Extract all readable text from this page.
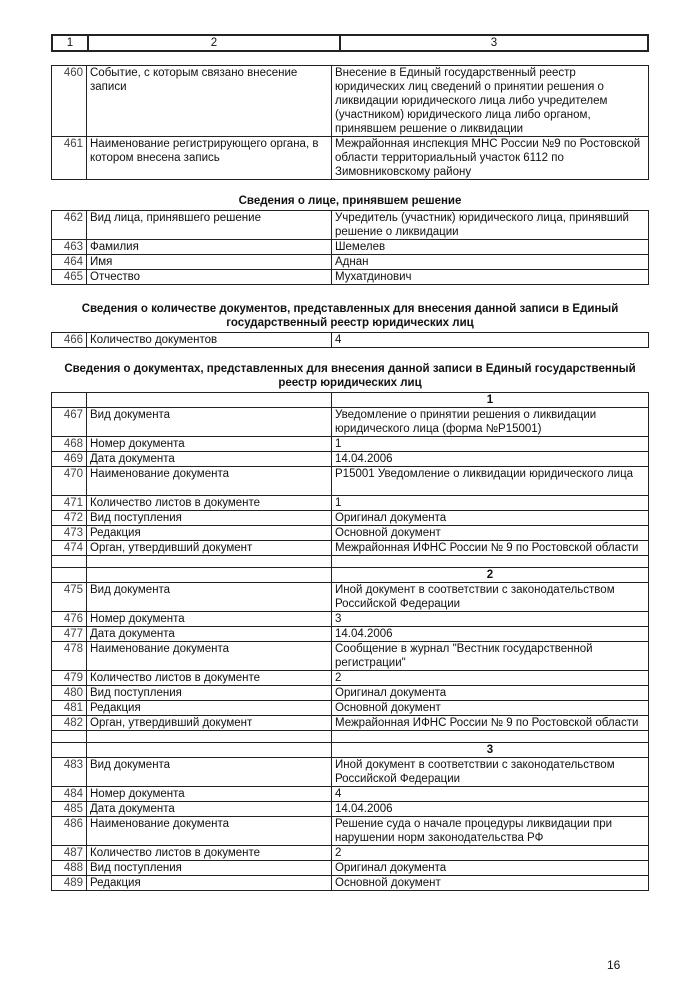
1	2	3
460	Событие, с которым связано внесение записи	Внесение в Единый государственный реестр юридических лиц сведений о принятии решения о ликвидации юридического лица либо учредителем (участником) юридического лица либо органом, принявшем решение о ликвидации
461	Наименование регистрирующего органа, в котором внесена запись	Межрайонная инспекция МНС России №9 по Ростовской области территориальный участок 6112 по Зимовниковскому району
Сведения о лице, принявшем решение
462	Вид лица, принявшего решение	Учредитель (участник) юридического лица, принявший решение о ликвидации
463	Фамилия	Шемелев
464	Имя	Аднан
465	Отчество	Мухатдинович
Сведения о количестве документов, представленных для внесения данной записи в Единый государственный реестр юридических лиц
466	Количество документов	4
Сведения о документах, представленных для внесения данной записи в Единый государственный реестр юридических лиц
		1
467	Вид документа	Уведомление о принятии решения о ликвидации юридического лица (форма №Р15001)
468	Номер документа	1
469	Дата документа	14.04.2006
470	Наименование документа	Р15001 Уведомление о ликвидации юридического лица
471	Количество листов в документе	1
472	Вид поступления	Оригинал документа
473	Редакция	Основной документ
474	Орган, утвердивший документ	Межрайонная ИФНС России № 9 по Ростовской области

		2
475	Вид документа	Иной документ в соответствии с законодательством Российской Федерации
476	Номер документа	3
477	Дата документа	14.04.2006
478	Наименование документа	Сообщение в журнал "Вестник государственной регистрации"
479	Количество листов в документе	2
480	Вид поступления	Оригинал документа
481	Редакция	Основной документ
482	Орган, утвердивший документ	Межрайонная ИФНС России № 9 по Ростовской области

		3
483	Вид документа	Иной документ в соответствии с законодательством Российской Федерации
484	Номер документа	4
485	Дата документа	14.04.2006
486	Наименование документа	Решение суда о начале процедуры ликвидации при нарушении норм законодательства РФ
487	Количество листов в документе	2
488	Вид поступления	Оригинал документа
489	Редакция	Основной документ
16
